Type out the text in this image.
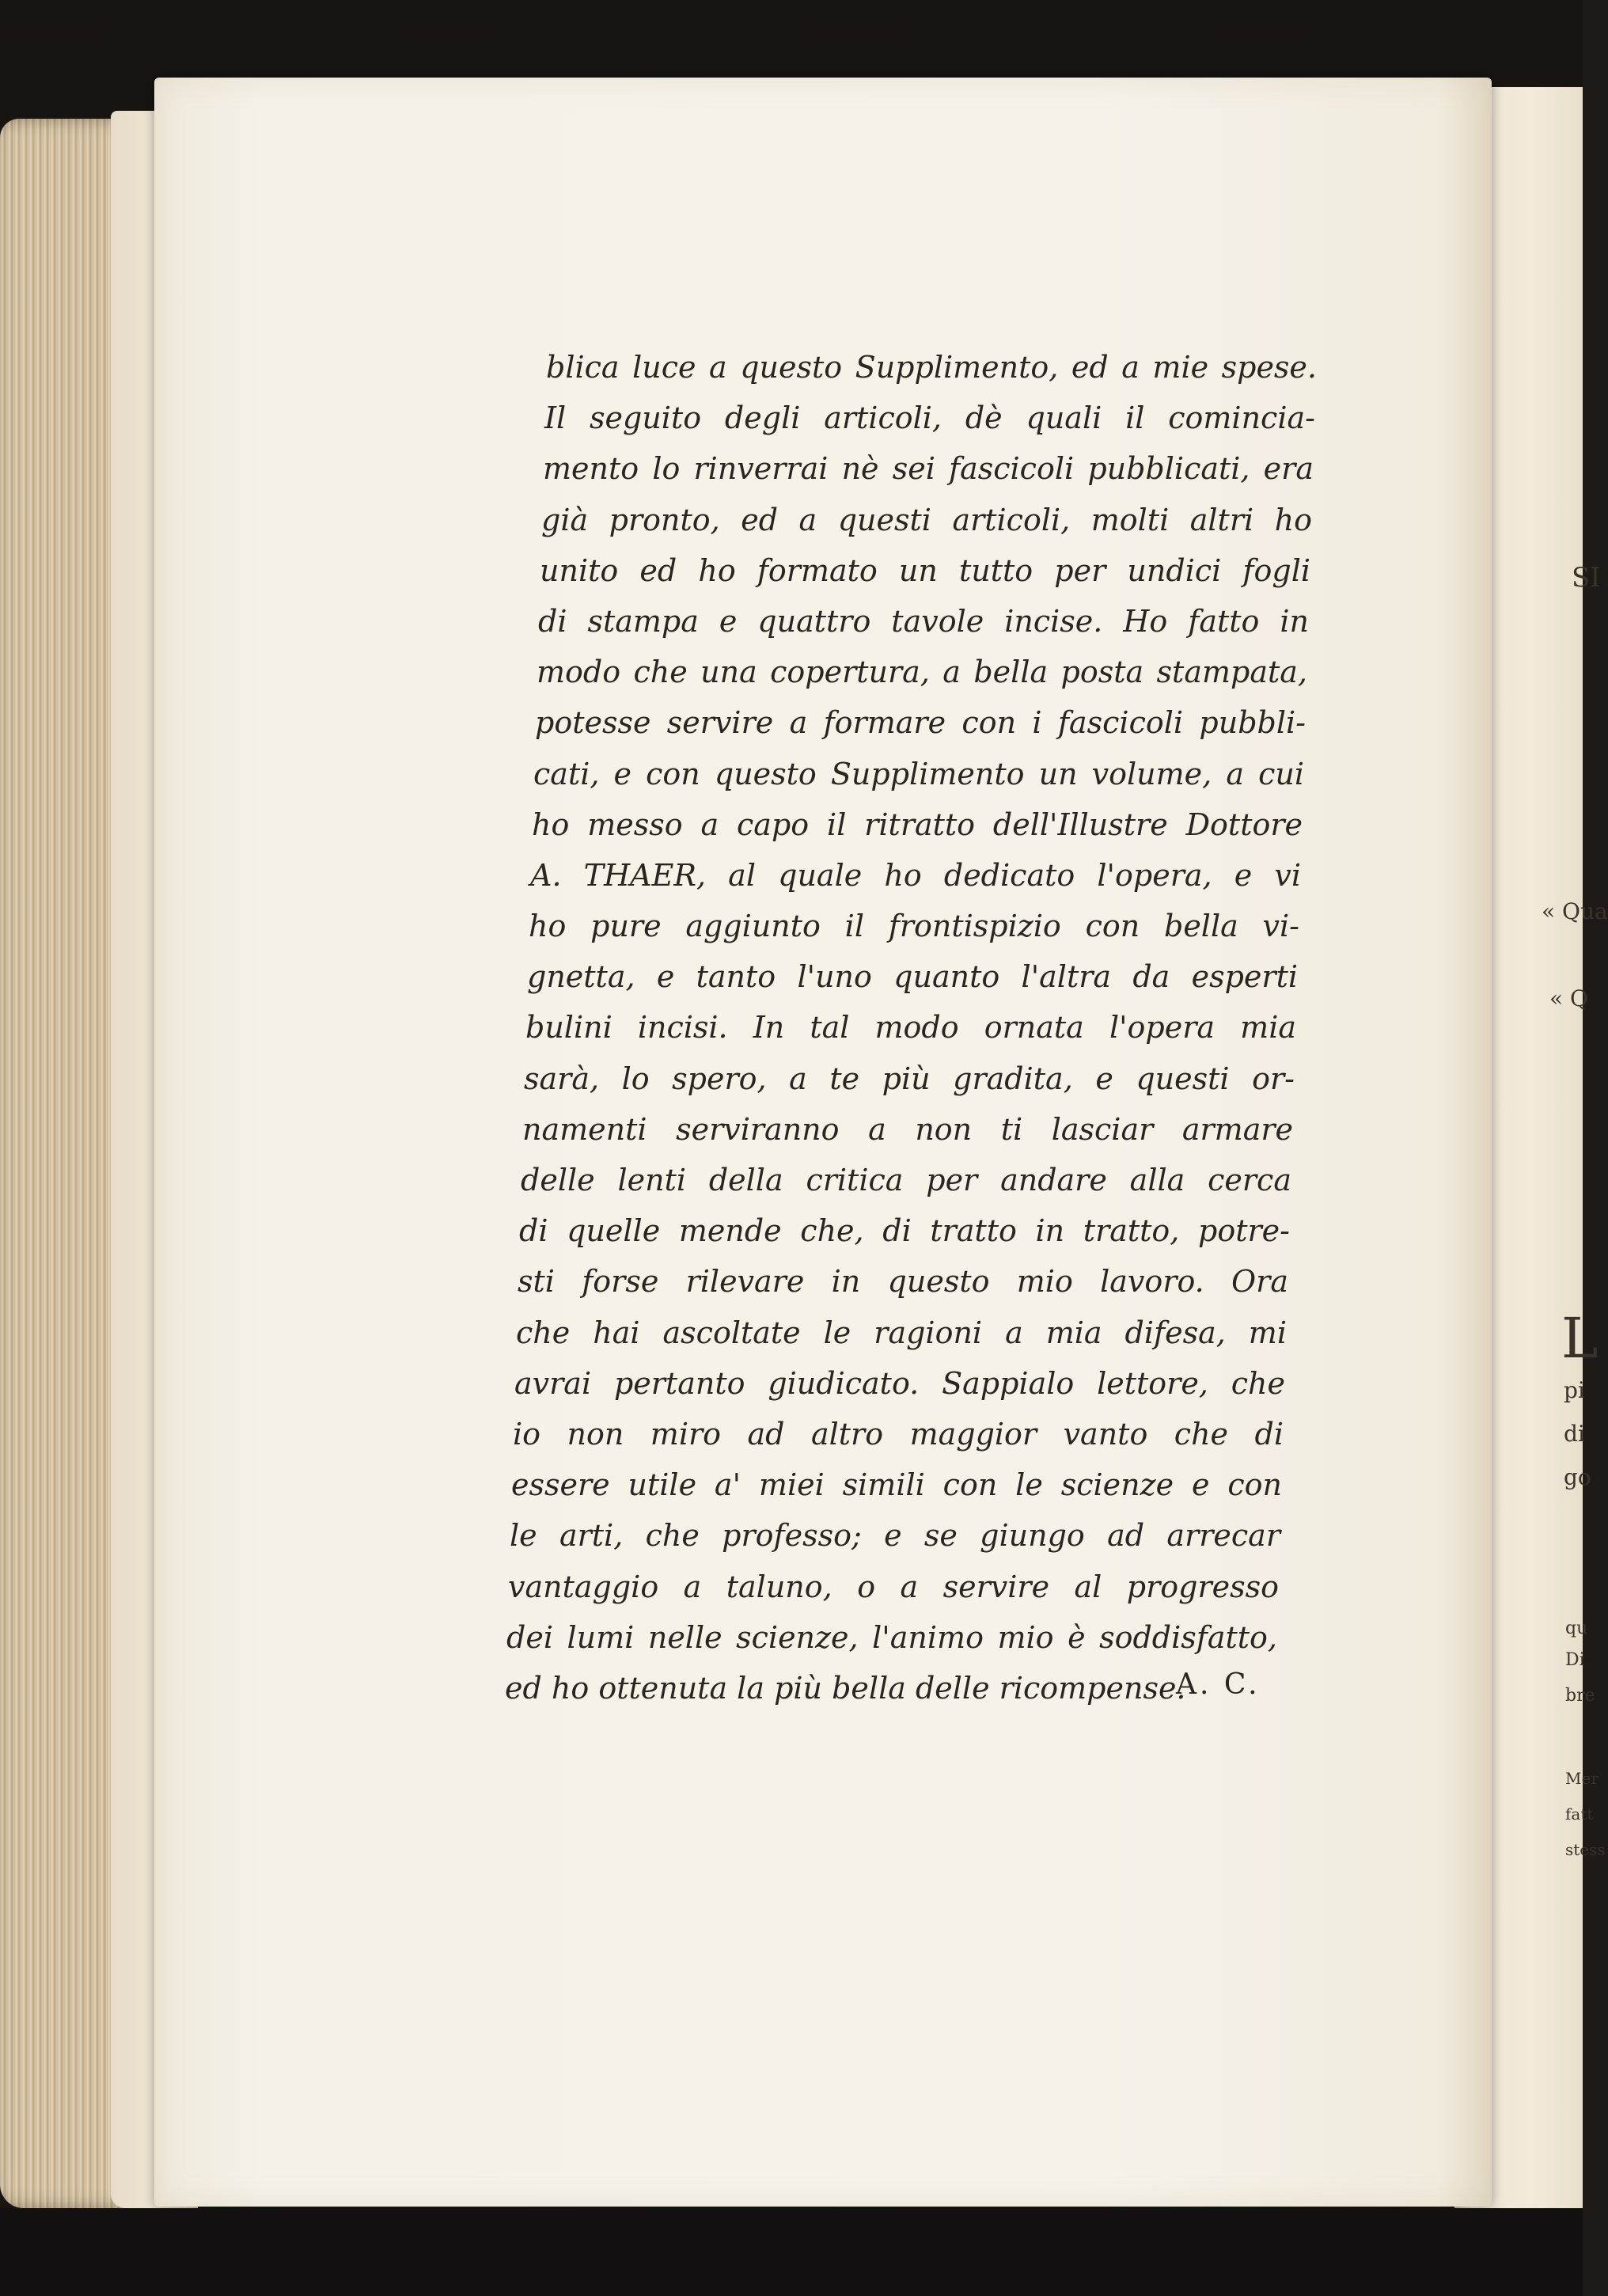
SI
« Qua
« Q
L
pi
di
go
qu
Di
bre
Mer
fatt
stess
blica luce a questo Supplimento, ed a mie spese.
Il seguito degli articoli, dè quali il comincia-
mento lo rinverrai nè sei fascicoli pubblicati, era
già pronto, ed a questi articoli, molti altri ho
unito ed ho formato un tutto per undici fogli
di stampa e quattro tavole incise. Ho fatto in
modo che una copertura, a bella posta stampata,
potesse servire a formare con i fascicoli pubbli-
cati, e con questo Supplimento un volume, a cui
ho messo a capo il ritratto dell'Illustre Dottore
A. THAER, al quale ho dedicato l'opera, e vi
ho pure aggiunto il frontispizio con bella vi-
gnetta, e tanto l'uno quanto l'altra da esperti
bulini incisi. In tal modo ornata l'opera mia
sarà, lo spero, a te più gradita, e questi or-
namenti serviranno a non ti lasciar armare
delle lenti della critica per andare alla cerca
di quelle mende che, di tratto in tratto, potre-
sti forse rilevare in questo mio lavoro. Ora
che hai ascoltate le ragioni a mia difesa, mi
avrai pertanto giudicato. Sappialo lettore, che
io non miro ad altro maggior vanto che di
essere utile a' miei simili con le scienze e con
le arti, che professo; e se giungo ad arrecar
vantaggio a taluno, o a servire al progresso
dei lumi nelle scienze, l'animo mio è soddisfatto,
ed ho ottenuta la più bella delle ricompense.
A. C.
